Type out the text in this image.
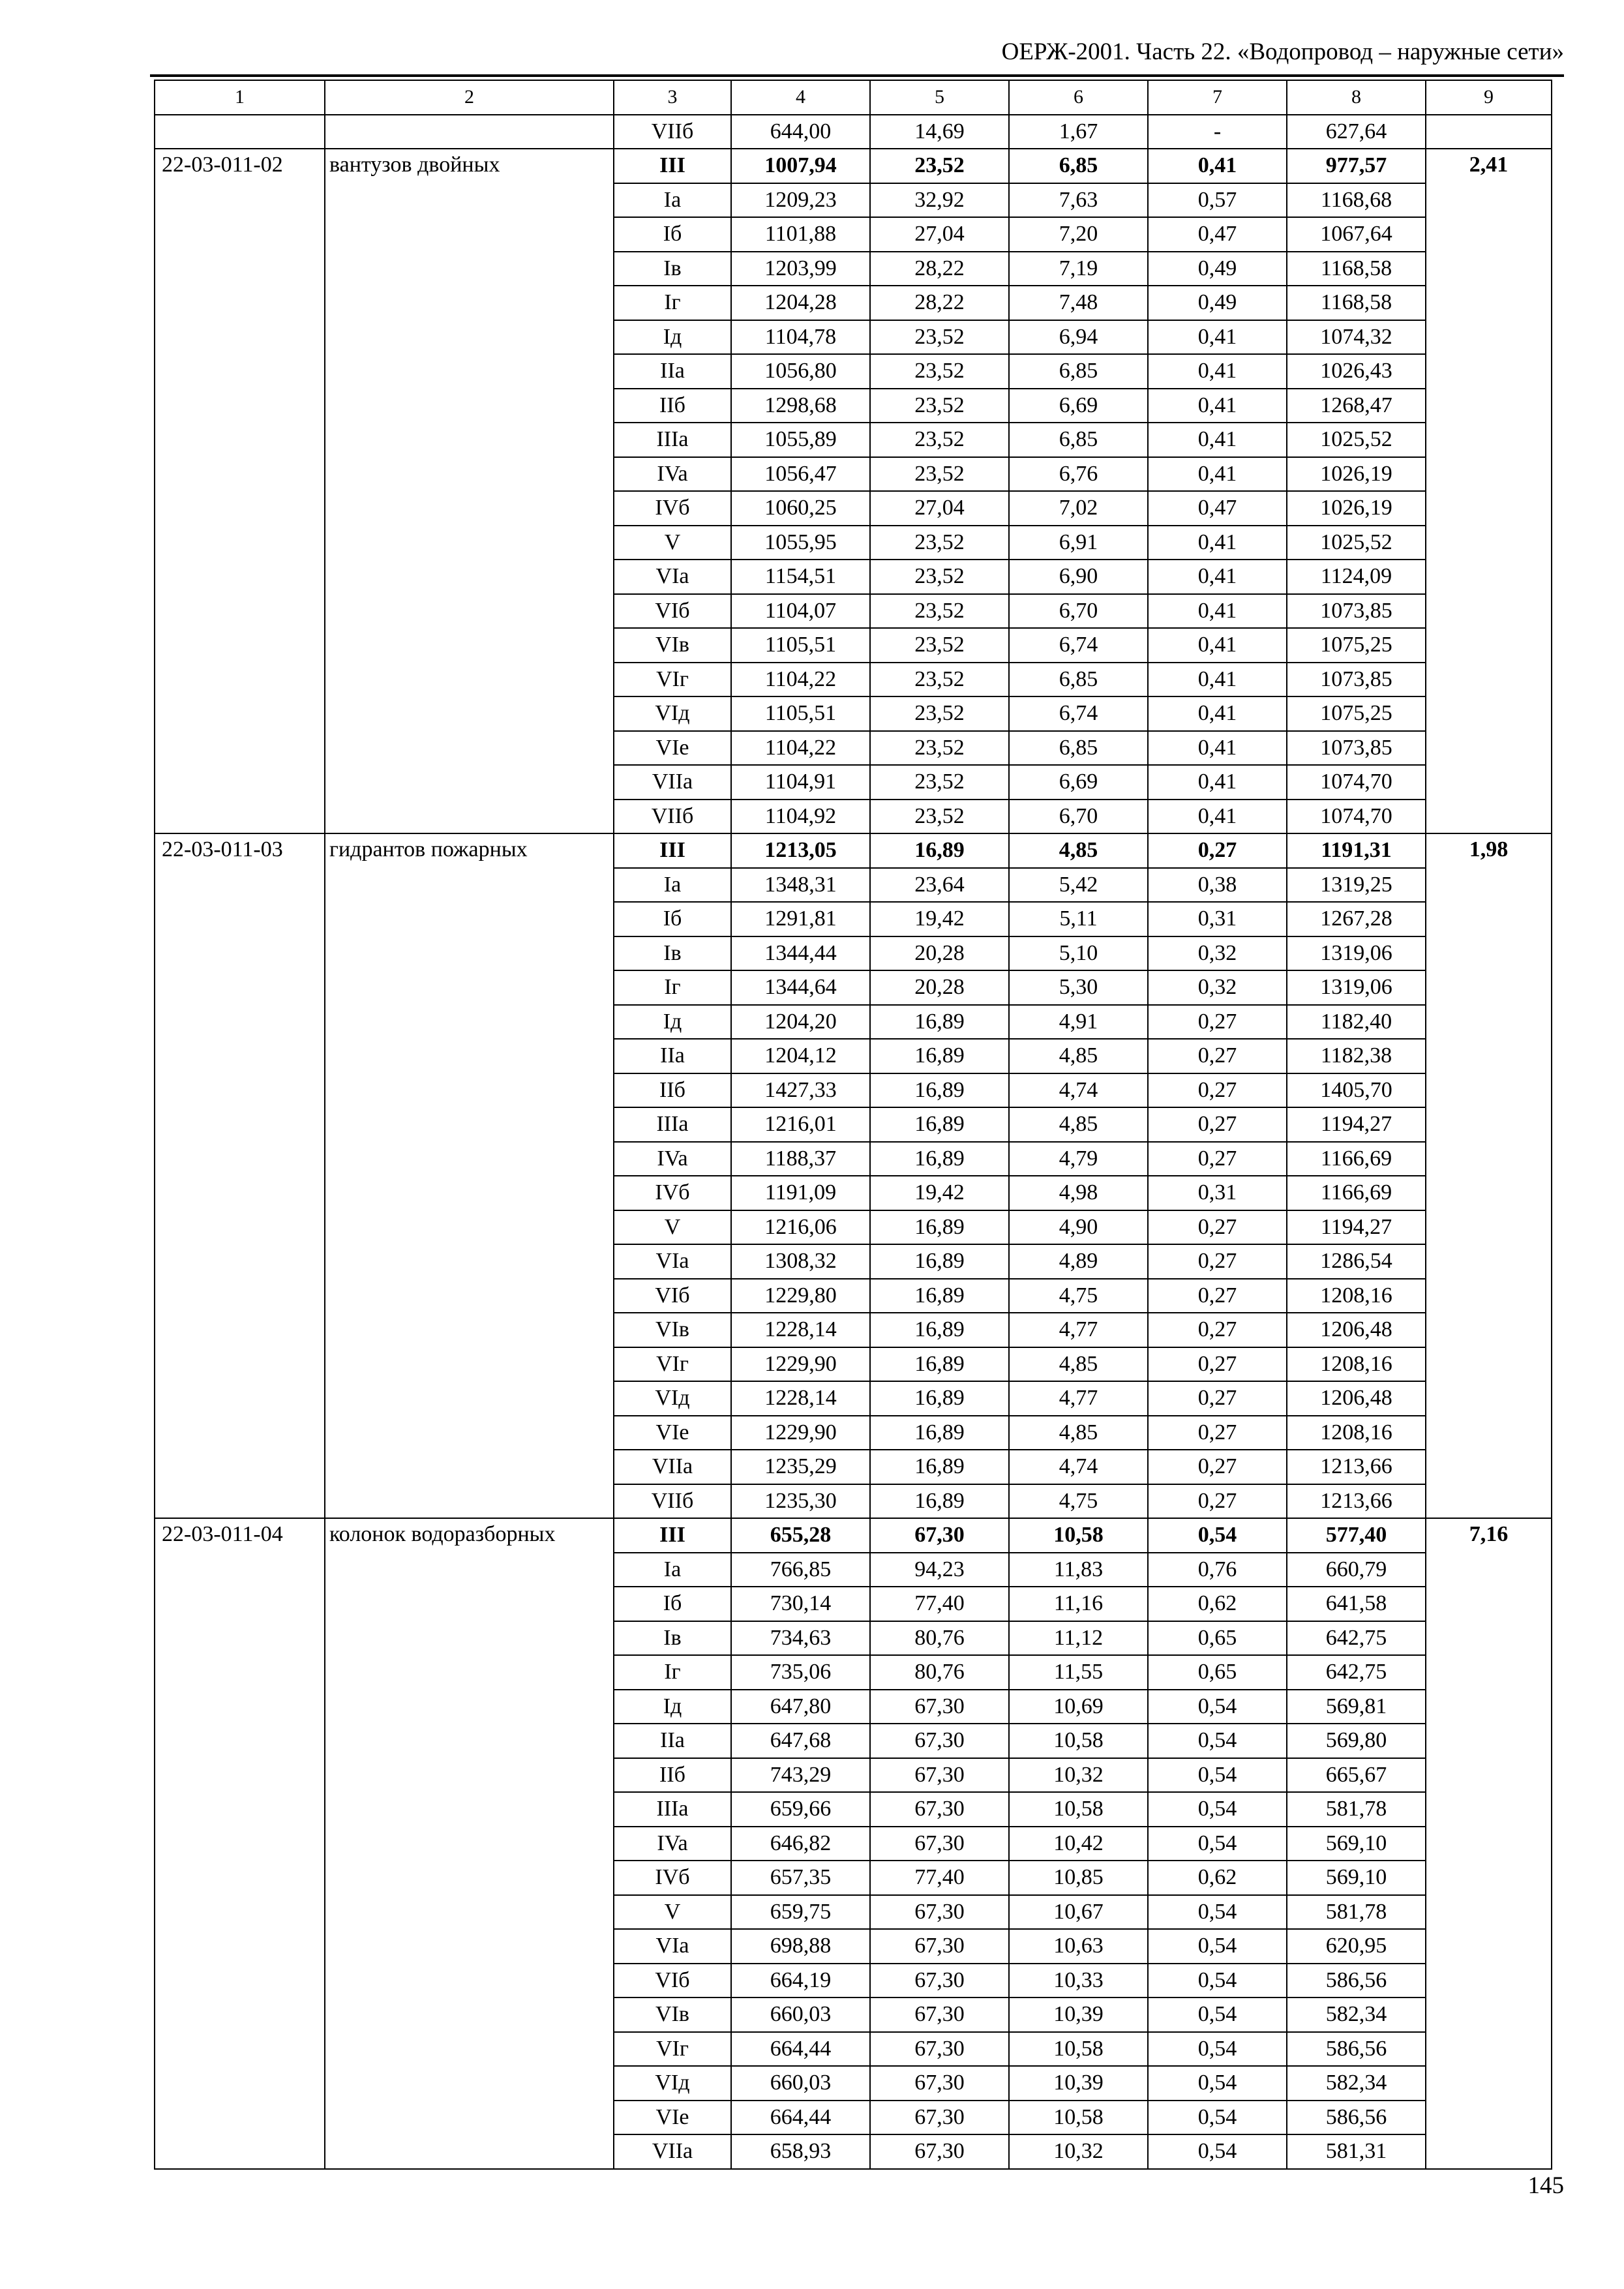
ОЕРЖ-2001. Часть 22. «Водопровод – наружные сети»
1	2	3	4	5	6	7	8	9
		VIIб	644,00	14,69	1,67	-	627,64	
22-03-011-02	вантузов двойных	III	1007,94	23,52	6,85	0,41	977,57	2,41
		Ia	1209,23	32,92	7,63	0,57	1168,68	
		Iб	1101,88	27,04	7,20	0,47	1067,64	
		Iв	1203,99	28,22	7,19	0,49	1168,58	
		Iг	1204,28	28,22	7,48	0,49	1168,58	
		Iд	1104,78	23,52	6,94	0,41	1074,32	
		IIa	1056,80	23,52	6,85	0,41	1026,43	
		IIб	1298,68	23,52	6,69	0,41	1268,47	
		IIIa	1055,89	23,52	6,85	0,41	1025,52	
		IVa	1056,47	23,52	6,76	0,41	1026,19	
		IVб	1060,25	27,04	7,02	0,47	1026,19	
		V	1055,95	23,52	6,91	0,41	1025,52	
		VIa	1154,51	23,52	6,90	0,41	1124,09	
		VIб	1104,07	23,52	6,70	0,41	1073,85	
		VIв	1105,51	23,52	6,74	0,41	1075,25	
		VIг	1104,22	23,52	6,85	0,41	1073,85	
		VIд	1105,51	23,52	6,74	0,41	1075,25	
		VIe	1104,22	23,52	6,85	0,41	1073,85	
		VIIa	1104,91	23,52	6,69	0,41	1074,70	
		VIIб	1104,92	23,52	6,70	0,41	1074,70	
22-03-011-03	гидрантов пожарных	III	1213,05	16,89	4,85	0,27	1191,31	1,98
		Ia	1348,31	23,64	5,42	0,38	1319,25	
		Iб	1291,81	19,42	5,11	0,31	1267,28	
		Iв	1344,44	20,28	5,10	0,32	1319,06	
		Iг	1344,64	20,28	5,30	0,32	1319,06	
		Iд	1204,20	16,89	4,91	0,27	1182,40	
		IIa	1204,12	16,89	4,85	0,27	1182,38	
		IIб	1427,33	16,89	4,74	0,27	1405,70	
		IIIa	1216,01	16,89	4,85	0,27	1194,27	
		IVa	1188,37	16,89	4,79	0,27	1166,69	
		IVб	1191,09	19,42	4,98	0,31	1166,69	
		V	1216,06	16,89	4,90	0,27	1194,27	
		VIa	1308,32	16,89	4,89	0,27	1286,54	
		VIб	1229,80	16,89	4,75	0,27	1208,16	
		VIв	1228,14	16,89	4,77	0,27	1206,48	
		VIг	1229,90	16,89	4,85	0,27	1208,16	
		VIд	1228,14	16,89	4,77	0,27	1206,48	
		VIe	1229,90	16,89	4,85	0,27	1208,16	
		VIIa	1235,29	16,89	4,74	0,27	1213,66	
		VIIб	1235,30	16,89	4,75	0,27	1213,66	
22-03-011-04	колонок водоразборных	III	655,28	67,30	10,58	0,54	577,40	7,16
		Ia	766,85	94,23	11,83	0,76	660,79	
		Iб	730,14	77,40	11,16	0,62	641,58	
		Iв	734,63	80,76	11,12	0,65	642,75	
		Iг	735,06	80,76	11,55	0,65	642,75	
		Iд	647,80	67,30	10,69	0,54	569,81	
		IIa	647,68	67,30	10,58	0,54	569,80	
		IIб	743,29	67,30	10,32	0,54	665,67	
		IIIa	659,66	67,30	10,58	0,54	581,78	
		IVa	646,82	67,30	10,42	0,54	569,10	
		IVб	657,35	77,40	10,85	0,62	569,10	
		V	659,75	67,30	10,67	0,54	581,78	
		VIa	698,88	67,30	10,63	0,54	620,95	
		VIб	664,19	67,30	10,33	0,54	586,56	
		VIв	660,03	67,30	10,39	0,54	582,34	
		VIг	664,44	67,30	10,58	0,54	586,56	
		VIд	660,03	67,30	10,39	0,54	582,34	
		VIe	664,44	67,30	10,58	0,54	586,56	
		VIIa	658,93	67,30	10,32	0,54	581,31	
145
